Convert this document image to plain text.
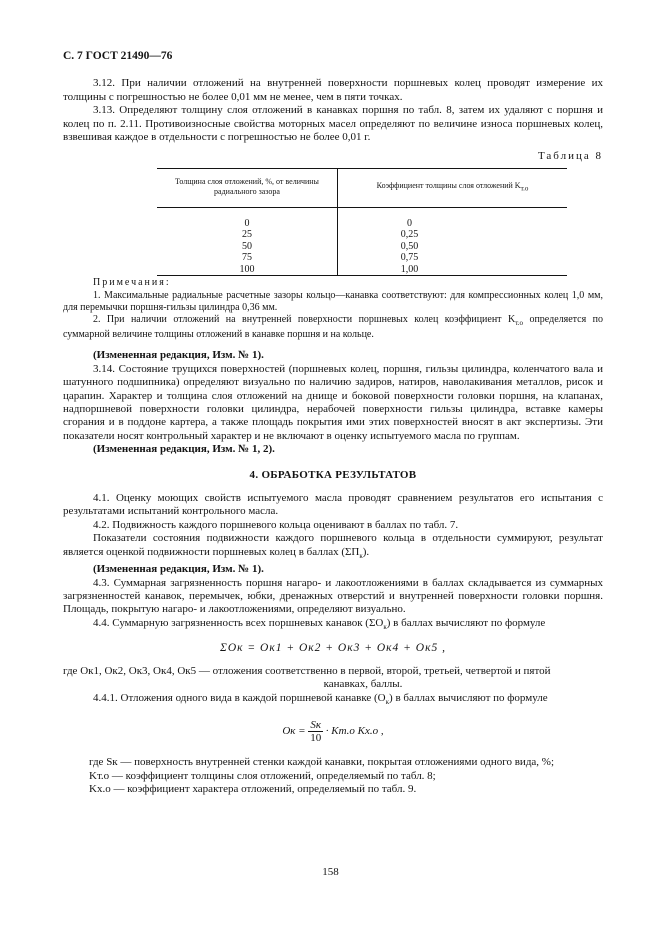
С. 7 ГОСТ 21490—76

3.12. При наличии отложений на внутренней поверхности поршневых колец проводят измерение их толщины с погрешностью не более 0,01 мм не менее, чем в пяти точках.

3.13. Определяют толщину слоя отложений в канавках поршня по табл. 8, затем их удаляют с поршня и колец по п. 2.11. Противоизносные свойства моторных масел определяют по величине износа поршневых колец, взвешивая каждое в отдельности с погрешностью не более 0,01 г.

Таблица 8
Толщина слоя отложений, %, от величины радиального зазора	Коэффициент толщины слоя отложений $K_{т.о}$
0	0
25	0,25
50	0,50
75	0,75
100	1,00

Примечания:

1. Максимальные радиальные расчетные зазоры кольцо—канавка соответствуют: для компрессионных колец 1,0 мм, для перемычки поршня-гильзы цилиндра 0,36 мм.

2. При наличии отложений на внутренней поверхности поршневых колец коэффициент $K_{т.о}$ определяется по суммарной величине толщины отложений в канавке поршня и на кольце.

(Измененная редакция, Изм. № 1).

3.14. Состояние трущихся поверхностей (поршневых колец, поршня, гильзы цилиндра, коленчатого вала и шатунного подшипника) определяют визуально по наличию задиров, натиров, наволакивания металлов, рисок и царапин. Характер и толщина слоя отложений на днище и боковой поверхности головки поршня, на клапанах, надпоршневой поверхности головки цилиндра, нерабочей поверхности гильзы цилиндра, вставке камеры сгорания и в поддоне картера, а также площадь покрытия ими этих поверхностей вносят в акт экспертизы. Эти показатели носят контрольный характер и не включают в оценку испытуемого масла по группам.

(Измененная редакция, Изм. № 1, 2).

4. ОБРАБОТКА РЕЗУЛЬТАТОВ

4.1. Оценку моющих свойств испытуемого масла проводят сравнением результатов его испытания с результатами испытаний контрольного масла.

4.2. Подвижность каждого поршневого кольца оценивают в баллах по табл. 7.

Показатели состояния подвижности каждого поршневого кольца в отдельности суммируют, результат является оценкой подвижности поршневых колец в баллах $(\Sigma П_к)$.

(Измененная редакция, Изм. № 1).

4.3. Суммарная загрязненность поршня нагаро- и лакоотложениями в баллах складывается из суммарных загрязненностей канавок, перемычек, юбки, дренажных отверстий и внутренней поверхности головки поршня. Площадь, покрытую нагаро- и лакоотложениями, определяют визуально.

4.4. Суммарную загрязненность всех поршневых канавок $(\Sigma O_к)$ в баллах вычисляют по формуле

ΣOк = Oк1 + Oк2 + Oк3 + Oк4 + Oк5 ,

где Oк1, Oк2, Oк3, Oк4, Oк5 — отложения соответственно в первой, второй, третьей, четвертой и пятой

канавках, баллы.

4.4.1. Отложения одного вида в каждой поршневой канавке $(O_к)$ в баллах вычисляют по формуле

Oк = $\frac{Sк}{10} \cdot Kт.о$ Kх.о ,

где Sк — поверхность внутренней стенки каждой канавки, покрытая отложениями одного вида, %;

Kт.о — коэффициент толщины слоя отложений, определяемый по табл. 8;

Kх.о — коэффициент характера отложений, определяемый по табл. 9.

158
